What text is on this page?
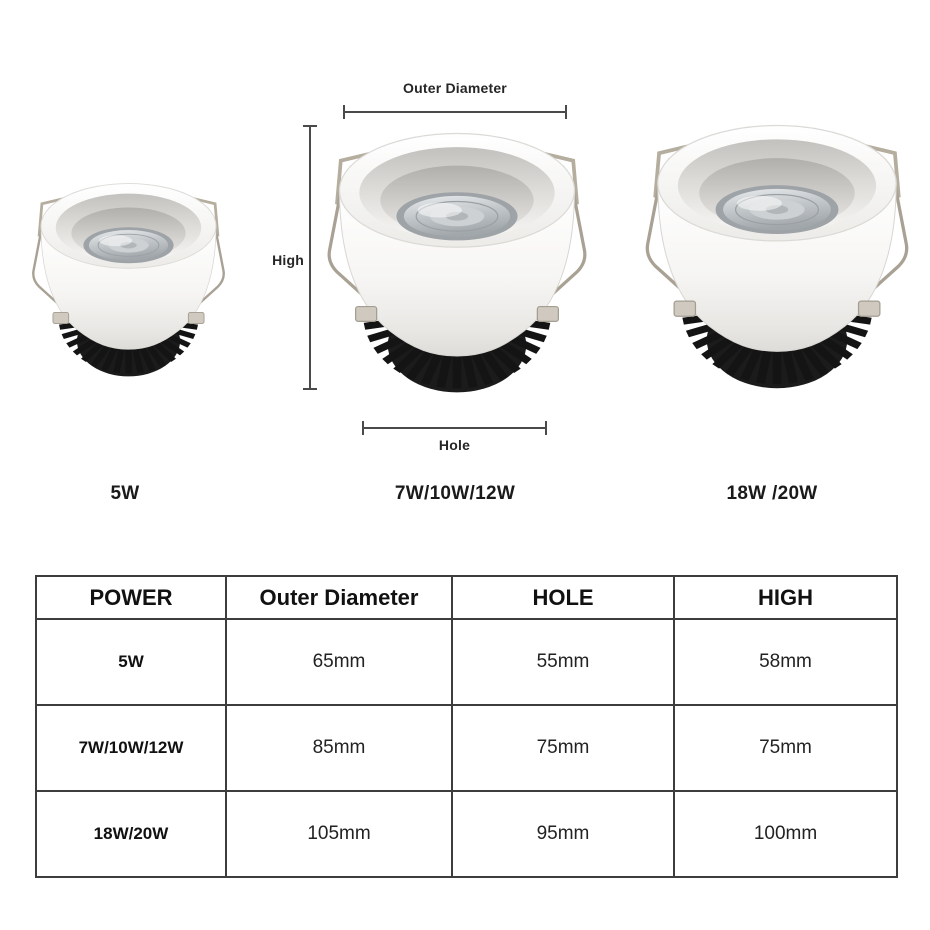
Outer Diameter
High
Hole
5W	7W/10W/12W	18W /20W
POWER	Outer Diameter	HOLE	HIGH
5W	65mm	55mm	58mm
7W/10W/12W	85mm	75mm	75mm
18W/20W	105mm	95mm	100mm
